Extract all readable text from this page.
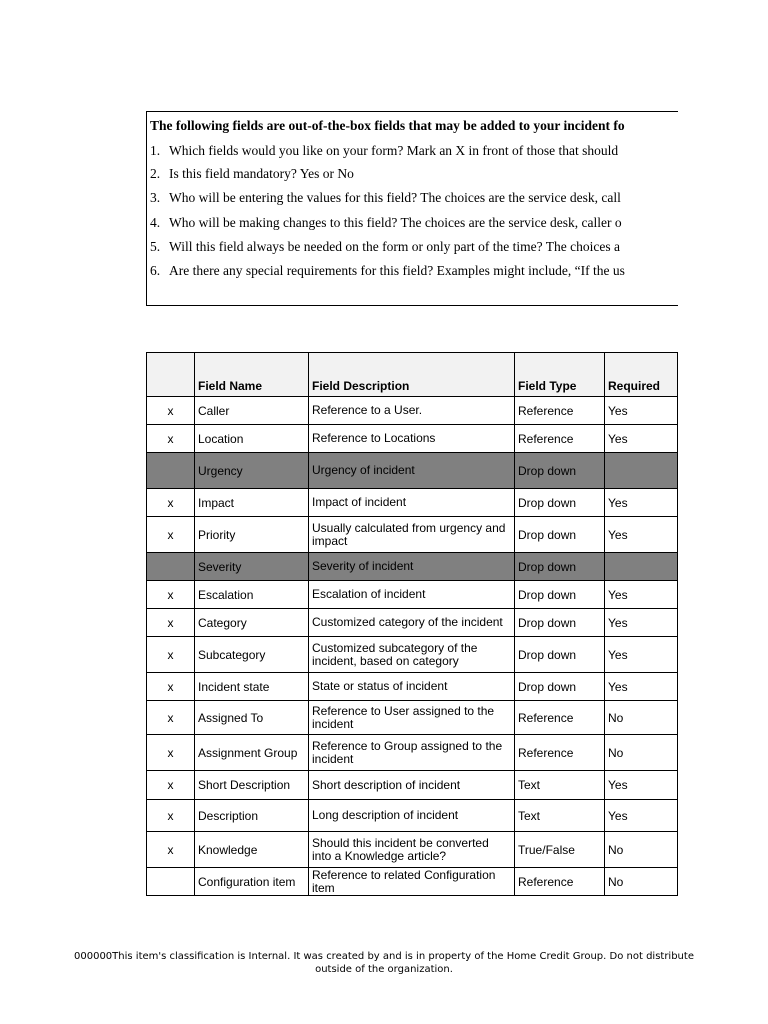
The following fields are out-of-the-box fields that may be added to your incident fo
1. Which fields would you like on your form? Mark an X in front of those that should
2. Is this field mandatory? Yes or No
3. Who will be entering the values for this field? The choices are the service desk, call
4. Who will be making changes to this field? The choices are the service desk, caller o
5. Will this field always be needed on the form or only part of the time? The choices a
6. Are there any special requirements for this field? Examples might include, “If the us
	Field Name	Field Description	Field Type	Required
x	Caller	Reference to a User.	Reference	Yes
x	Location	Reference to Locations	Reference	Yes
	Urgency	Urgency of incident	Drop down	
x	Impact	Impact of incident	Drop down	Yes
x	Priority	Usually calculated from urgency and impact	Drop down	Yes
	Severity	Severity of incident	Drop down	
x	Escalation	Escalation of incident	Drop down	Yes
x	Category	Customized category of the incident	Drop down	Yes
x	Subcategory	Customized subcategory of the incident, based on category	Drop down	Yes
x	Incident state	State or status of incident	Drop down	Yes
x	Assigned To	Reference to User assigned to the incident	Reference	No
x	Assignment Group	Reference to Group assigned to the incident	Reference	No
x	Short Description	Short description of incident	Text	Yes
x	Description	Long description of incident	Text	Yes
x	Knowledge	Should this incident be converted into a Knowledge article?	True/False	No
	Configuration item	Reference to related Configuration item	Reference	No
000000This item's classification is Internal. It was created by and is in property of the Home Credit Group. Do not distribute outside of the organization.
